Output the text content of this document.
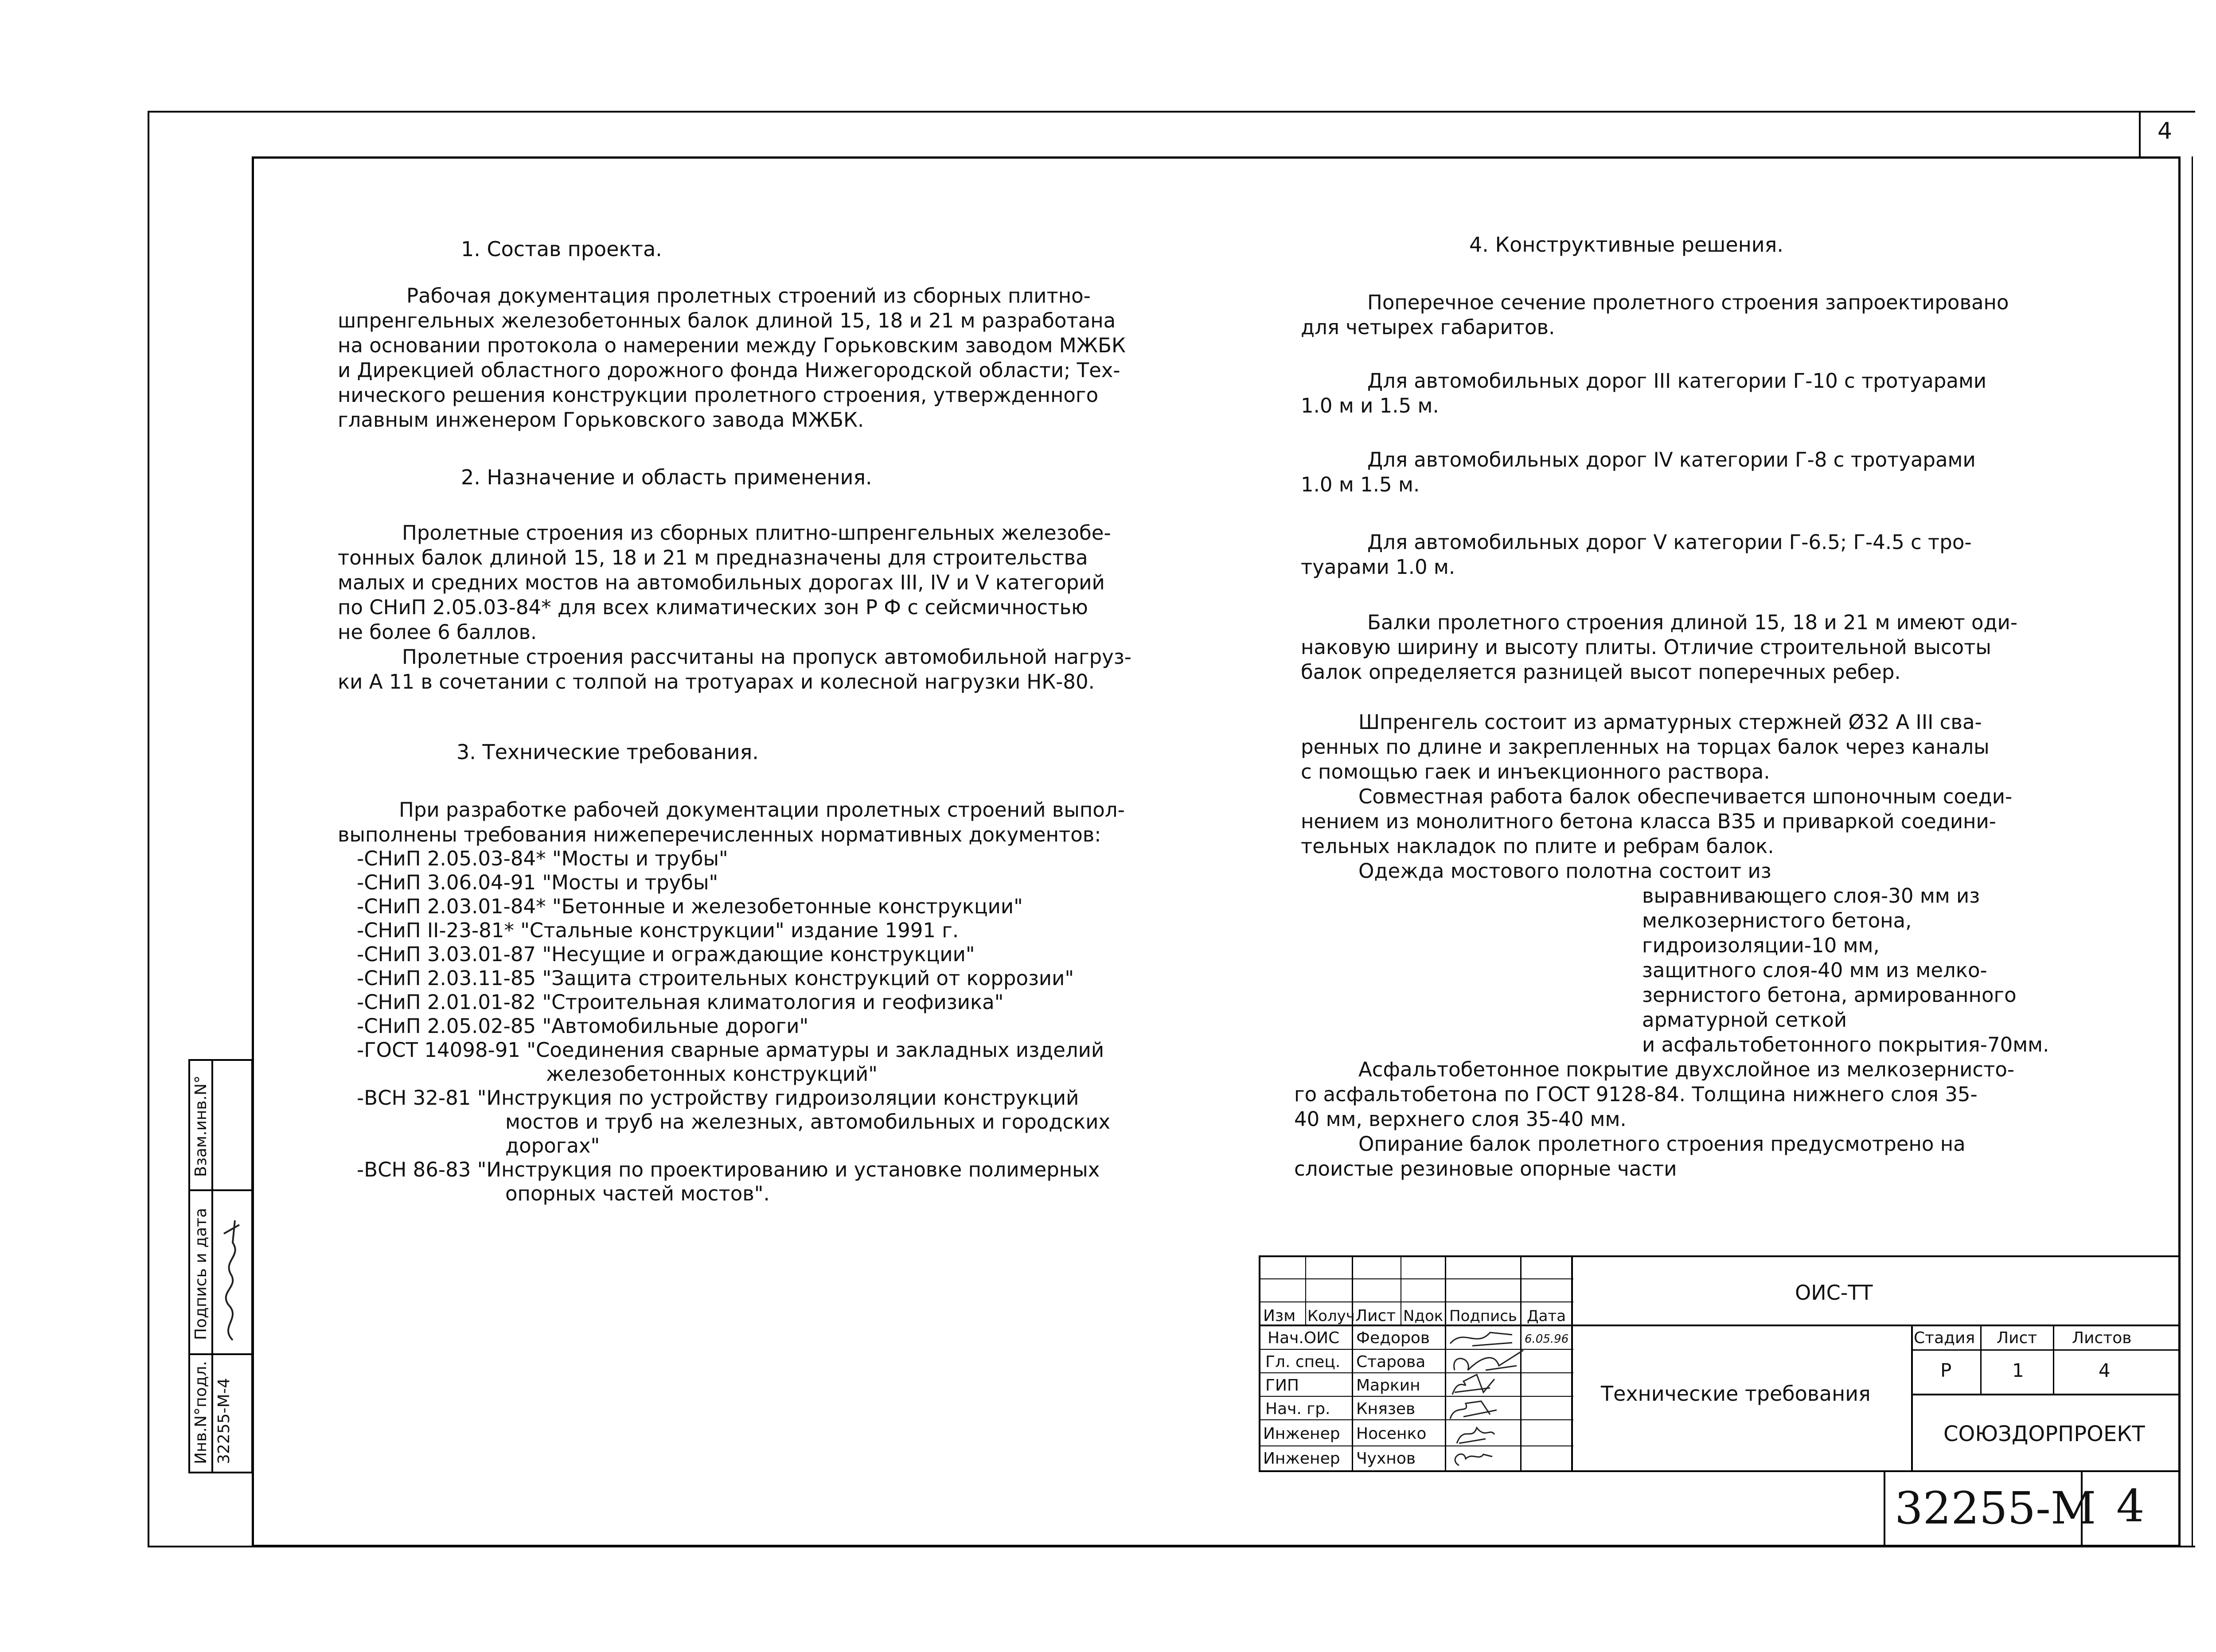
4
1. Состав проекта.
Рабочая документация пролетных строений из сборных плитно-
шпренгельных железобетонных балок длиной 15, 18 и 21 м разработана
на основании протокола о намерении между Горьковским заводом МЖБК
и Дирекцией областного дорожного фонда Нижегородской области; Тех-
нического решения конструкции пролетного строения, утвержденного
главным инженером Горьковского завода МЖБК.
2. Назначение и область применения.
Пролетные строения из сборных плитно-шпренгельных железобе-
тонных балок длиной 15, 18 и 21 м предназначены для строительства
малых и средних мостов на автомобильных дорогах III, IV и V категорий
по СНиП 2.05.03-84* для всех климатических зон Р Ф с сейсмичностью
не более 6 баллов.
Пролетные строения рассчитаны на пропуск автомобильной нагруз-
ки А 11 в сочетании с толпой на тротуарах и колесной нагрузки НК-80.
3. Технические требования.
При разработке рабочей документации пролетных строений выпол-
выполнены требования нижеперечисленных нормативных документов:
-СНиП 2.05.03-84* "Мосты и трубы"
-СНиП 3.06.04-91 "Мосты и трубы"
-СНиП 2.03.01-84* "Бетонные и железобетонные конструкции"
-СНиП II-23-81* "Стальные конструкции" издание 1991 г.
-СНиП 3.03.01-87 "Несущие и ограждающие конструкции"
-СНиП 2.03.11-85 "Защита строительных конструкций от коррозии"
-СНиП 2.01.01-82 "Строительная климатология и геофизика"
-СНиП 2.05.02-85 "Автомобильные дороги"
-ГОСТ 14098-91 "Соединения сварные арматуры и закладных изделий
железобетонных конструкций"
-ВСН 32-81 "Инструкция по устройству гидроизоляции конструкций
мостов и труб на железных, автомобильных и городских
дорогах"
-ВСН 86-83 "Инструкция по проектированию и установке полимерных
опорных частей мостов".
4. Конструктивные решения.
Поперечное сечение пролетного строения запроектировано
для четырех габаритов.
Для автомобильных дорог III категории Г-10 с тротуарами
1.0 м и 1.5 м.
Для автомобильных дорог IV категории Г-8 с тротуарами
1.0 м 1.5 м.
Для автомобильных дорог V категории Г-6.5; Г-4.5 с тро-
туарами 1.0 м.
Балки пролетного строения длиной 15, 18 и 21 м имеют оди-
наковую ширину и высоту плиты. Отличие строительной высоты
балок определяется разницей высот поперечных ребер.
Шпренгель состоит из арматурных стержней Ø32 А III сва-
ренных по длине и закрепленных на торцах балок через каналы
с помощью гаек и инъекционного раствора.
Совместная работа балок обеспечивается шпоночным соеди-
нением из монолитного бетона класса В35 и приваркой соедини-
тельных накладок по плите и ребрам балок.
Одежда мостового полотна состоит из
выравнивающего слоя-30 мм из
мелкозернистого бетона,
гидроизоляции-10 мм,
защитного слоя-40 мм из мелко-
зернистого бетона, армированного
арматурной сеткой
и асфальтобетонного покрытия-70мм.
Асфальтобетонное покрытие двухслойное из мелкозернисто-
го асфальтобетона по ГОСТ 9128-84. Толщина нижнего слоя 35-
40 мм, верхнего слоя 35-40 мм.
Опирание балок пролетного строения предусмотрено на
слоистые резиновые опорные части
Взам.инв.N°
Подпись и дата
Инв.N°подл. 32255-М-4
Изм Колуч Лист Nдок Подпись Дата
Нач.ОИС
Гл. спец.
ГИП
Нач. гр.
Инженер
Инженер
Федоров
Старова
Маркин
Князев
Носенко
Чухнов
6.05.96
ОИС-ТТ
Технические требования
Стадия Лист Листов
Р	1	4
СОЮЗДОРПРОЕКТ
32255-М 4
